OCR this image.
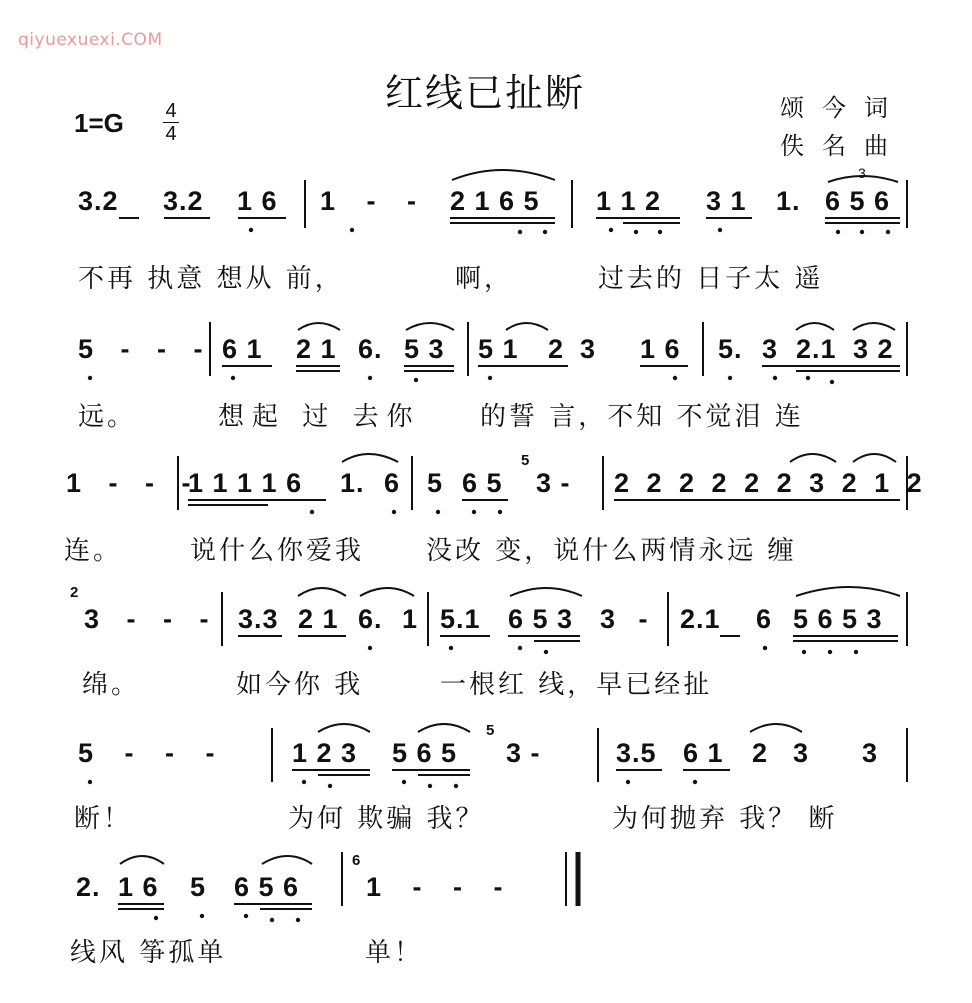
qiyuexuexi.COM
红线已扯断	颂今词
佚名曲
1=G 4
4
3.2 3.2 1 6 1 - - 2 1 6 5 1 1 2 3 1 1. 6 5 6
不再 执意 想从 前，	啊，	过去的 日子太 遥
5 - - - 6 1 2 1 6. 5 3 5 1 2 3 1 6 5. 3 2.1 3 2
远。	想起 过 去你 的誓 言，不知 不觉泪 连
1 - - -
1 1 1 1 6 1. 6 5 6 5
5
3 - 2 2 2 2 2 2 3 2 1 2
连。	说什么你爱我 没改 变，说什么两情永远 缠
2
3 - - - 3.3 2 1 6. 1 5.1 6 5 3 3 - 2.1 6 5 6 5 3
绵。	如今你 我	一根红 线，早已经扯
5 - - - 1 2 3 5 6 5
5
3 -	3.5 6 1 2 3 3
断！	为何 欺骗 我？	为何抛弃 我？ 断
2. 1 6 5 6 5 6
6
1 - - -
线风 筝孤单	单！
3
